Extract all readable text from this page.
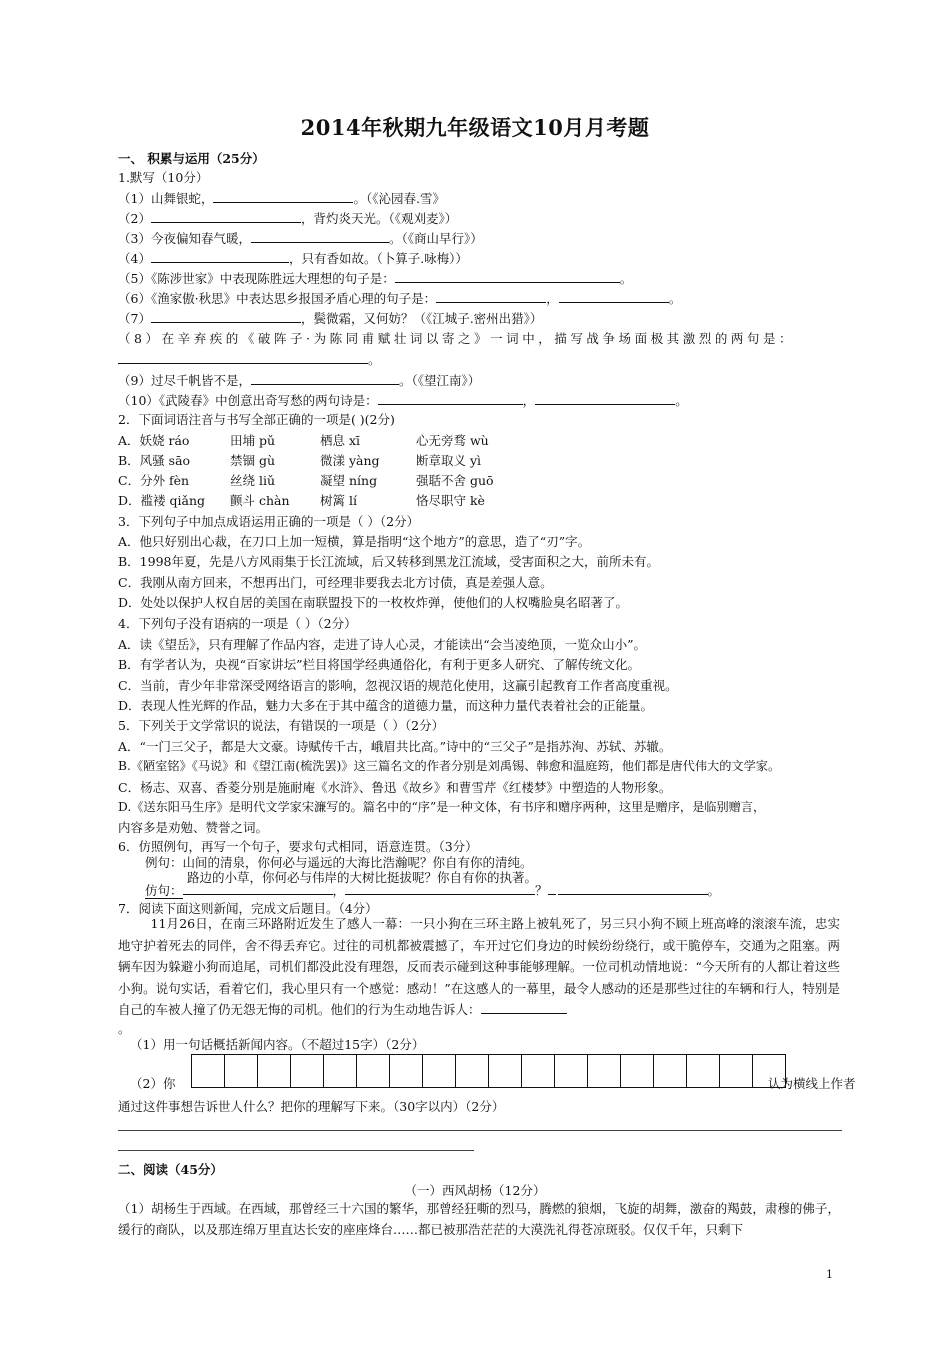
2014年秋期九年级语文10月月考题
一、 积累与运用（25分）
1.默写（10分）
（1）山舞银蛇，	。（《沁园春.雪》
（2）	，背灼炎天光。（《观刈麦》）
（3）今夜偏知春气暖，	。（《商山早行》）
（4）	，只有香如故。（卜算子.咏梅））
（5）《陈涉世家》中表现陈胜远大理想的句子是：	。
（6）《渔家傲·秋思》中表达思乡报国矛盾心理的句子是：	，	。
（7）	，鬓微霜，又何妨？（《江城子.密州出猎》）
（8）在辛弃疾的《破阵子·为陈同甫赋壮词以寄之》一词中，描写战争场面极其激烈的两句是：
。
（9）过尽千帆皆不是，	。（《望江南》）
（10）《武陵春》中创意出奇写愁的两句诗是：	，	。
2．下面词语注音与书写全部正确的一项是( )(2分)
A．妖娆 ráo	田埔 pǔ	栖息 xī	心无旁骛 wù
B．风骚 sāo	禁锢 gù	微漾 yàng	断章取义 yì
C．分外 fèn	丝绕 liǔ	凝望 níng	强聒不舍 guō
D．褴褛 qiǎng 颤斗 chàn 树篱 lí	恪尽职守 kè
3．下列句子中加点成语运用正确的一项是（ ）（2分）
A．他只好别出心裁，在刀口上加一短横，算是指明“这个地方”的意思，造了“刃”字。
B．1998年夏，先是八方风雨集于长江流域，后又转移到黑龙江流域，受害面积之大，前所未有。
C．我刚从南方回来，不想再出门，可经理非要我去北方讨债，真是差强人意。
D．处处以保护人权自居的美国在南联盟投下的一枚枚炸弹，使他们的人权嘴脸臭名昭著了。
4．下列句子没有语病的一项是（ ）（2分）
A．读《望岳》，只有理解了作品内容，走进了诗人心灵，才能读出“会当凌绝顶，一览众山小”。
B．有学者认为，央视“百家讲坛”栏目将国学经典通俗化，有利于更多人研究、了解传统文化。
C．当前，青少年非常深受网络语言的影响，忽视汉语的规范化使用，这赢引起教育工作者高度重视。
D．表现人性光辉的作品，魅力大多在于其中蕴含的道德力量，而这种力量代表着社会的正能量。
5．下列关于文学常识的说法，有错误的一项是（ ）（2分）
A．“一门三父子，都是大文豪。诗赋传千古，峨眉共比高。”诗中的“三父子”是指苏洵、苏轼、苏辙。
B.《陋室铭》《马说》和《望江南(梳洗罢)》这三篇名文的作者分别是刘禹锡、韩愈和温庭筠，他们都是唐代伟大的文学家。
C．杨志、双喜、香菱分别是施耐庵《水浒》、鲁迅《故乡》和曹雪芹《红楼梦》中塑造的人物形象。
D.《送东阳马生序》是明代文学家宋濂写的。篇名中的“序”是一种文体，有书序和赠序两种，这里是赠序，是临别赠言，
内容多是劝勉、赞誉之词。
6．仿照例句，再写一个句子，要求句式相同，语意连贯。（3分）
例句：山间的清泉，你何必与遥远的大海比浩瀚呢？你自有你的清纯。
路边的小草，你何必与伟岸的大树比挺拔呢？你自有你的执著。
仿句：	，	？	。
7．阅读下面这则新闻，完成文后题目。（4分）
11月26日，在南三环路附近发生了感人一幕：一只小狗在三环主路上被轧死了，另三只小狗不顾上班高峰的滚滚车流，忠实地守护着死去的同伴，舍不得丢弃它。过往的司机都被震撼了，车开过它们身边的时候纷纷绕行，或干脆停车，交通为之阻塞。两辆车因为躲避小狗而追尾，司机们都没此没有理怨，反而表示碰到这种事能够理解。一位司机动情地说：“今天所有的人都让着这些小狗。说句实话，看着它们，我心里只有一个感觉：感动！”在这感人的一幕里，最令人感动的还是那些过往的车辆和行人，特别是自己的车被人撞了仍无怨无悔的司机。他们的行为生动地告诉人：
。
（1）用一句话概括新闻内容。（不超过15字）（2分）
（2）你	认为横线上作者
通过这件事想告诉世人什么？把你的理解写下来。（30字以内）（2分）
二、阅读（45分）
（一）西风胡杨（12分）
（1）胡杨生于西域。在西域，那曾经三十六国的繁华，那曾经狂嘶的烈马，腾燃的狼烟，飞旋的胡舞，激奋的羯鼓，肃穆的佛子，缓行的商队，以及那连绵万里直达长安的座座烽台……都已被那浩茫茫的大漠洗礼得苍凉斑驳。仅仅千年，只剩下
1
